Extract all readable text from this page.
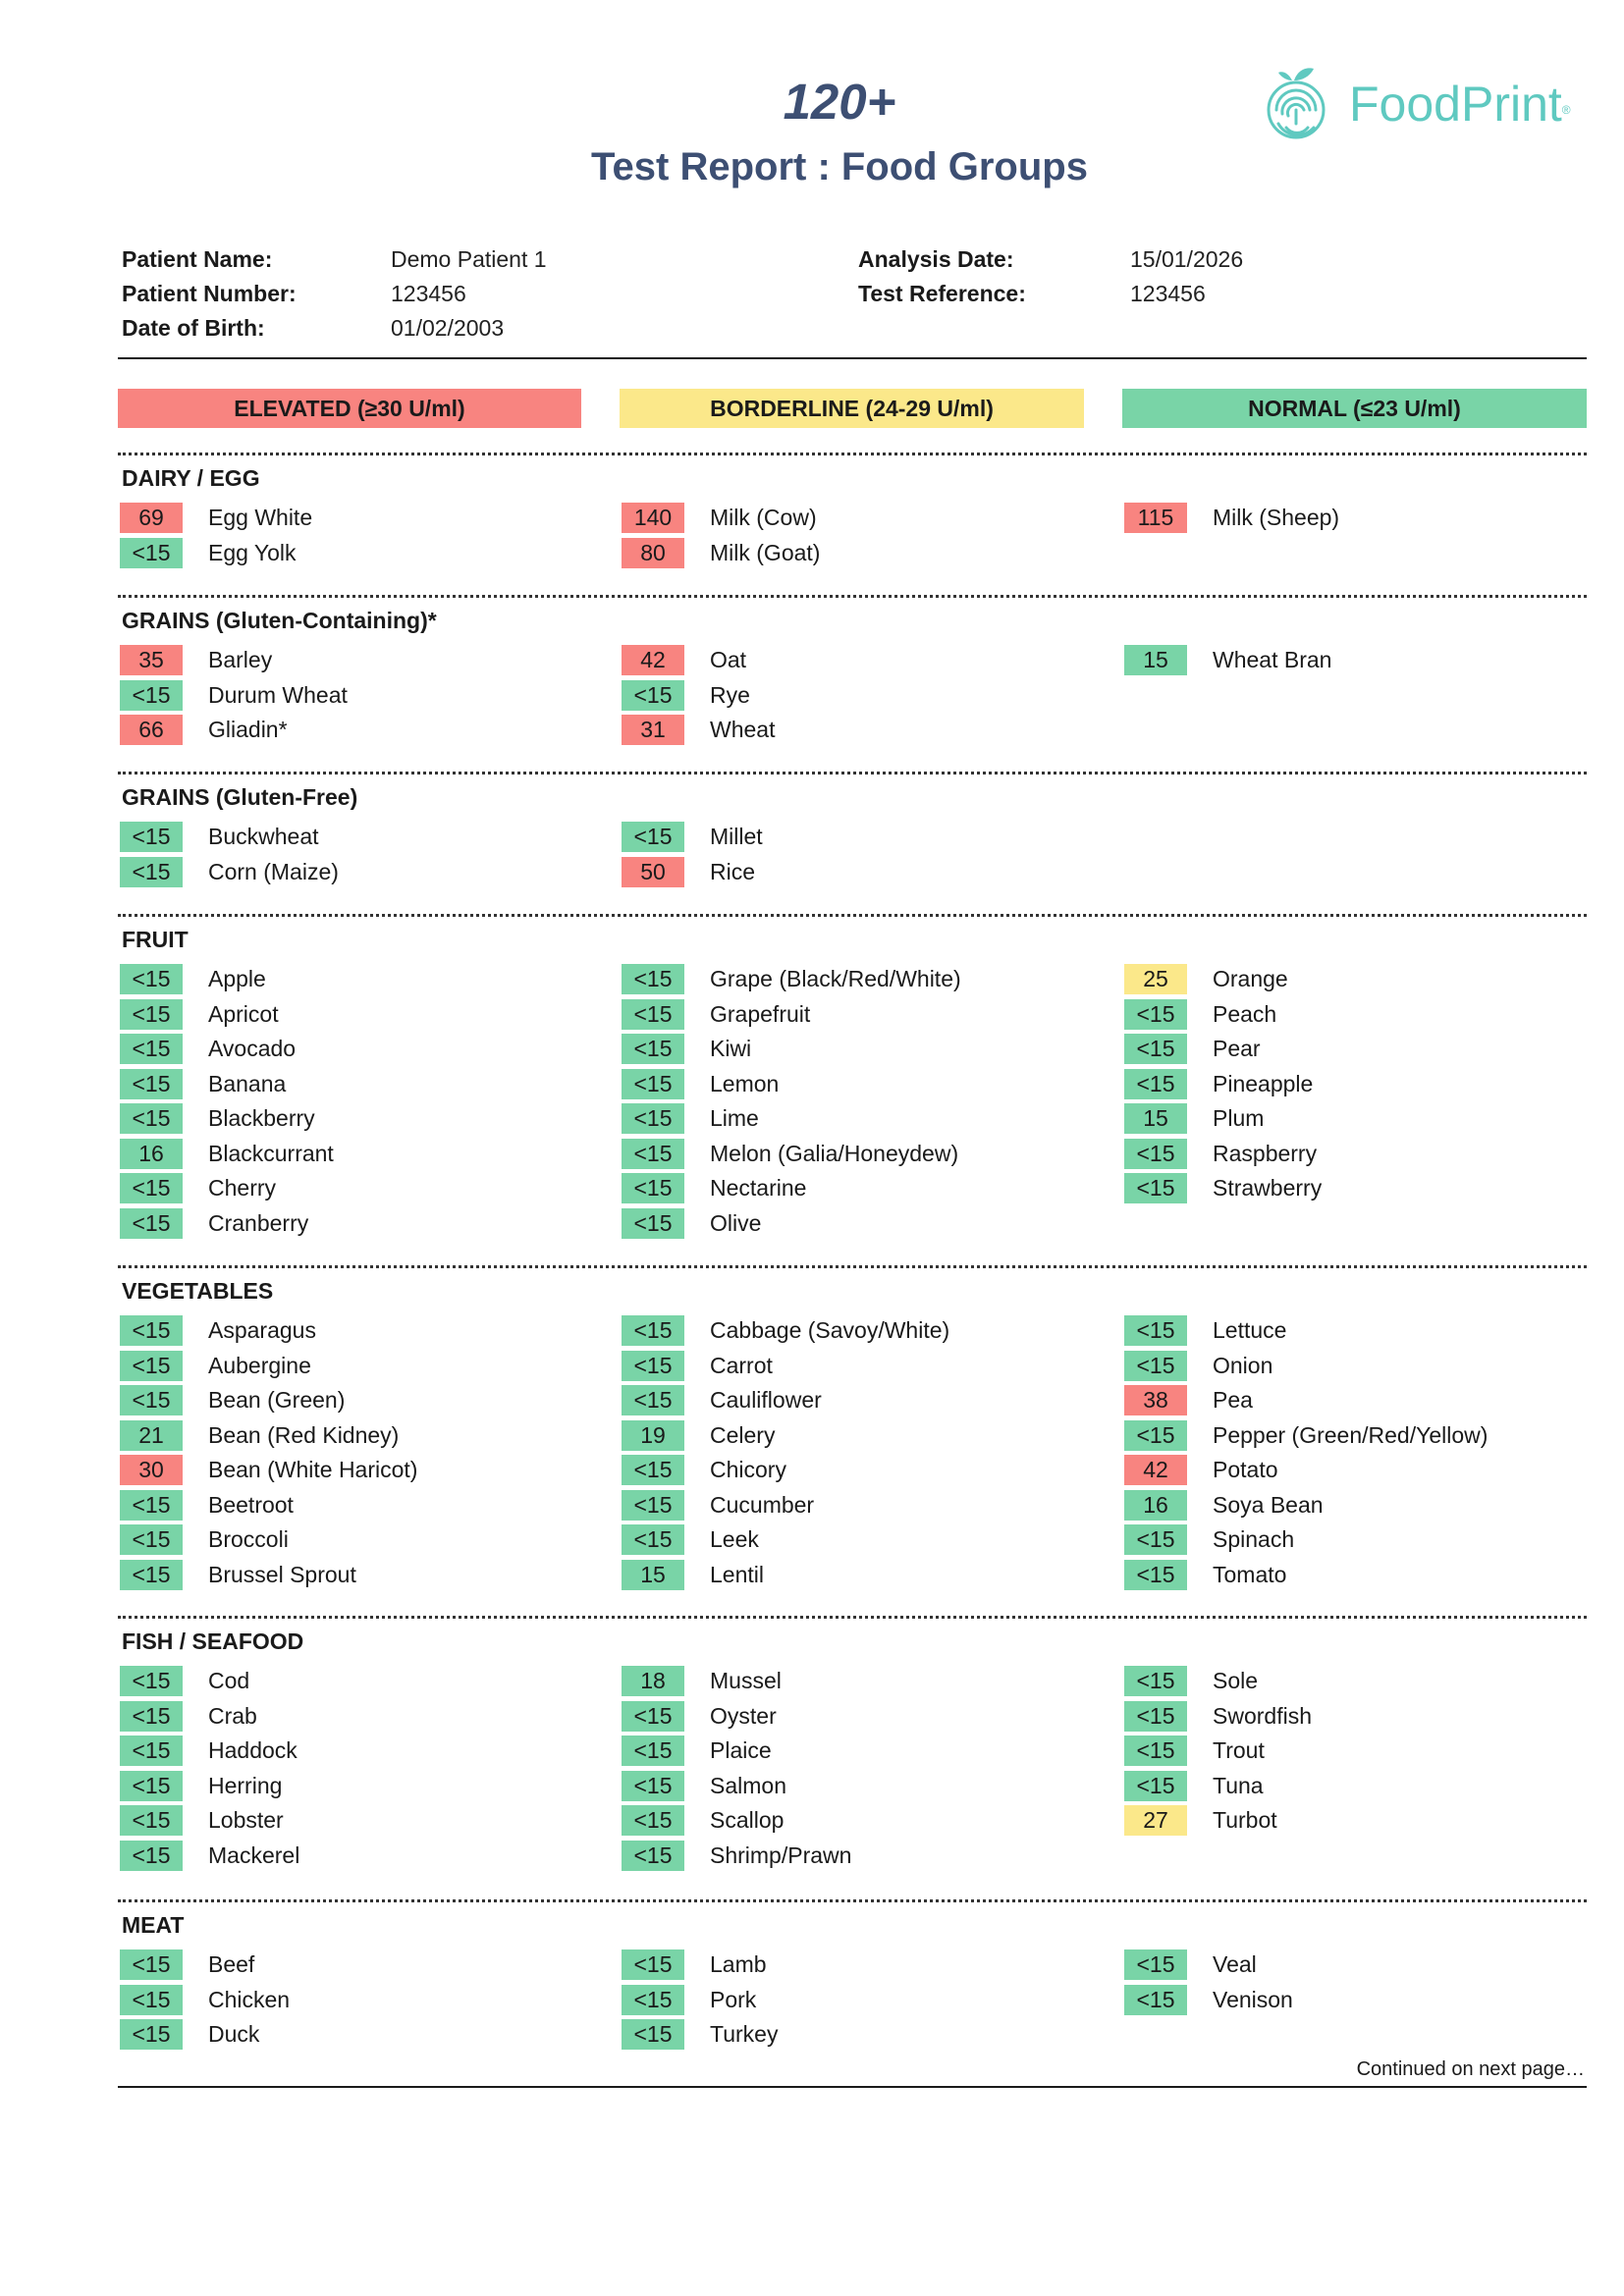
120+
Test Report : Food Groups
FoodPrint®
Patient Name:	Demo Patient 1
Patient Number:	123456
Date of Birth:	01/02/2003
Analysis Date:	15/01/2026
Test Reference:	123456
ELEVATED (≥30 U/ml)	BORDERLINE (24-29 U/ml)	NORMAL (≤23 U/ml)
DAIRY / EGG
69	Egg White
<15	Egg Yolk
140	Milk (Cow)
80	Milk (Goat)
115	Milk (Sheep)
GRAINS (Gluten-Containing)*
35	Barley
<15	Durum Wheat
66	Gliadin*
42	Oat
<15	Rye
31	Wheat
15	Wheat Bran
GRAINS (Gluten-Free)
<15	Buckwheat
<15	Corn (Maize)
<15	Millet
50	Rice
FRUIT
<15	Apple
<15	Apricot
<15	Avocado
<15	Banana
<15	Blackberry
16	Blackcurrant
<15	Cherry
<15	Cranberry
<15	Grape (Black/Red/White)
<15	Grapefruit
<15	Kiwi
<15	Lemon
<15	Lime
<15	Melon (Galia/Honeydew)
<15	Nectarine
<15	Olive
25	Orange
<15	Peach
<15	Pear
<15	Pineapple
15	Plum
<15	Raspberry
<15	Strawberry
VEGETABLES
<15	Asparagus
<15	Aubergine
<15	Bean (Green)
21	Bean (Red Kidney)
30	Bean (White Haricot)
<15	Beetroot
<15	Broccoli
<15	Brussel Sprout
<15	Cabbage (Savoy/White)
<15	Carrot
<15	Cauliflower
19	Celery
<15	Chicory
<15	Cucumber
<15	Leek
15	Lentil
<15	Lettuce
<15	Onion
38	Pea
<15	Pepper (Green/Red/Yellow)
42	Potato
16	Soya Bean
<15	Spinach
<15	Tomato
FISH / SEAFOOD
<15	Cod
<15	Crab
<15	Haddock
<15	Herring
<15	Lobster
<15	Mackerel
18	Mussel
<15	Oyster
<15	Plaice
<15	Salmon
<15	Scallop
<15	Shrimp/Prawn
<15	Sole
<15	Swordfish
<15	Trout
<15	Tuna
27	Turbot
MEAT
<15	Beef
<15	Chicken
<15	Duck
<15	Lamb
<15	Pork
<15	Turkey
<15	Veal
<15	Venison
Continued on next page…
